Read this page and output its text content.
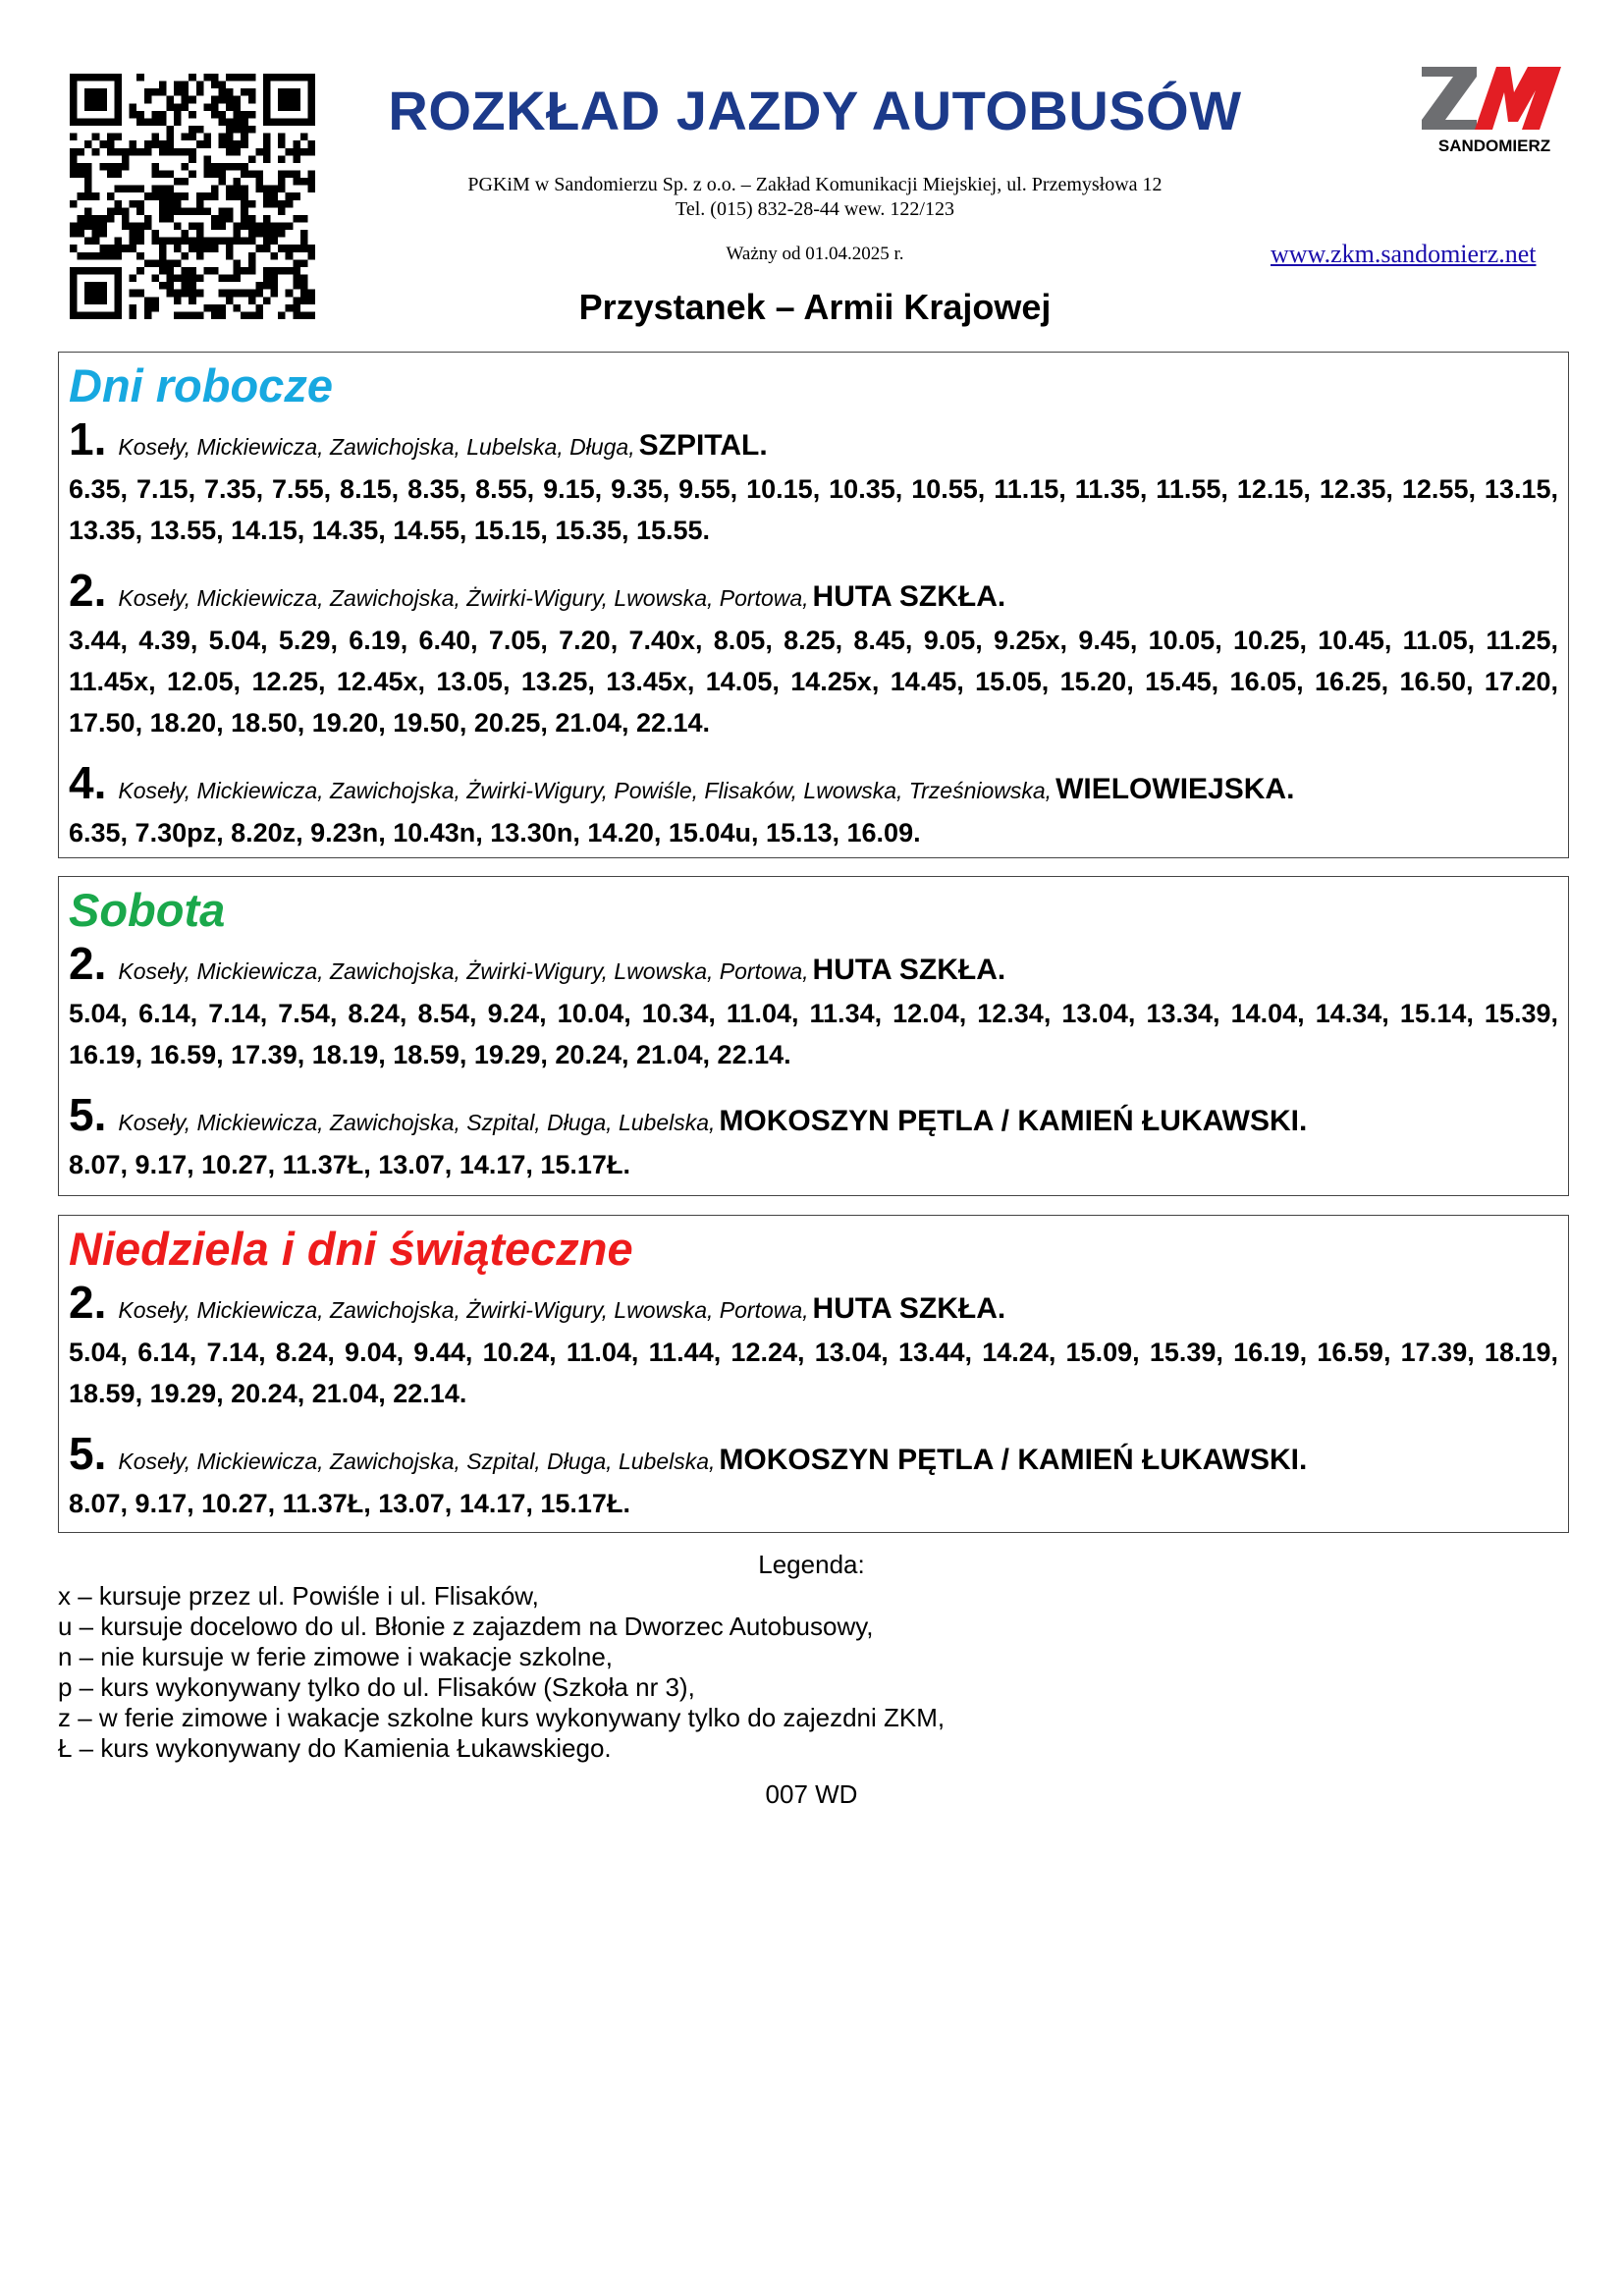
SANDOMIERZ
ROZKŁAD JAZDY AUTOBUSÓW
PGKiM w Sandomierzu Sp. z o.o. – Zakład Komunikacji Miejskiej, ul. Przemysłowa 12
Tel. (015) 832-28-44 wew. 122/123
Ważny od 01.04.2025 r.	www.zkm.sandomierz.net
Przystanek – Armii Krajowej
Dni robocze
1. Koseły, Mickiewicza, Zawichojska, Lubelska, Długa, SZPITAL.
6.35, 7.15, 7.35, 7.55, 8.15, 8.35, 8.55, 9.15, 9.35, 9.55, 10.15, 10.35, 10.55, 11.15, 11.35, 11.55, 12.15, 12.35, 12.55, 13.15, 13.35, 13.55, 14.15, 14.35, 14.55, 15.15, 15.35, 15.55.
2. Koseły, Mickiewicza, Zawichojska, Żwirki-Wigury, Lwowska, Portowa, HUTA SZKŁA.
3.44, 4.39, 5.04, 5.29, 6.19, 6.40, 7.05, 7.20, 7.40x, 8.05, 8.25, 8.45, 9.05, 9.25x, 9.45, 10.05, 10.25, 10.45, 11.05, 11.25, 11.45x, 12.05, 12.25, 12.45x, 13.05, 13.25, 13.45x, 14.05, 14.25x, 14.45, 15.05, 15.20, 15.45, 16.05, 16.25, 16.50, 17.20, 17.50, 18.20, 18.50, 19.20, 19.50, 20.25, 21.04, 22.14.
4. Koseły, Mickiewicza, Zawichojska, Żwirki-Wigury, Powiśle, Flisaków, Lwowska, Trześniowska, WIELOWIEJSKA.
6.35, 7.30pz, 8.20z, 9.23n, 10.43n, 13.30n, 14.20, 15.04u, 15.13, 16.09.
Sobota
2. Koseły, Mickiewicza, Zawichojska, Żwirki-Wigury, Lwowska, Portowa, HUTA SZKŁA.
5.04, 6.14, 7.14, 7.54, 8.24, 8.54, 9.24, 10.04, 10.34, 11.04, 11.34, 12.04, 12.34, 13.04, 13.34, 14.04, 14.34, 15.14, 15.39, 16.19, 16.59, 17.39, 18.19, 18.59, 19.29, 20.24, 21.04, 22.14.
5. Koseły, Mickiewicza, Zawichojska, Szpital, Długa, Lubelska, MOKOSZYN PĘTLA / KAMIEŃ ŁUKAWSKI.
8.07, 9.17, 10.27, 11.37Ł, 13.07, 14.17, 15.17Ł.
Niedziela i dni świąteczne
2. Koseły, Mickiewicza, Zawichojska, Żwirki-Wigury, Lwowska, Portowa, HUTA SZKŁA.
5.04, 6.14, 7.14, 8.24, 9.04, 9.44, 10.24, 11.04, 11.44, 12.24, 13.04, 13.44, 14.24, 15.09, 15.39, 16.19, 16.59, 17.39, 18.19, 18.59, 19.29, 20.24, 21.04, 22.14.
5. Koseły, Mickiewicza, Zawichojska, Szpital, Długa, Lubelska, MOKOSZYN PĘTLA / KAMIEŃ ŁUKAWSKI.
8.07, 9.17, 10.27, 11.37Ł, 13.07, 14.17, 15.17Ł.
Legenda:
x – kursuje przez ul. Powiśle i ul. Flisaków,
u – kursuje docelowo do ul. Błonie z zajazdem na Dworzec Autobusowy,
n – nie kursuje w ferie zimowe i wakacje szkolne,
p – kurs wykonywany tylko do ul. Flisaków (Szkoła nr 3),
z – w ferie zimowe i wakacje szkolne kurs wykonywany tylko do zajezdni ZKM,
Ł – kurs wykonywany do Kamienia Łukawskiego.
007 WD
